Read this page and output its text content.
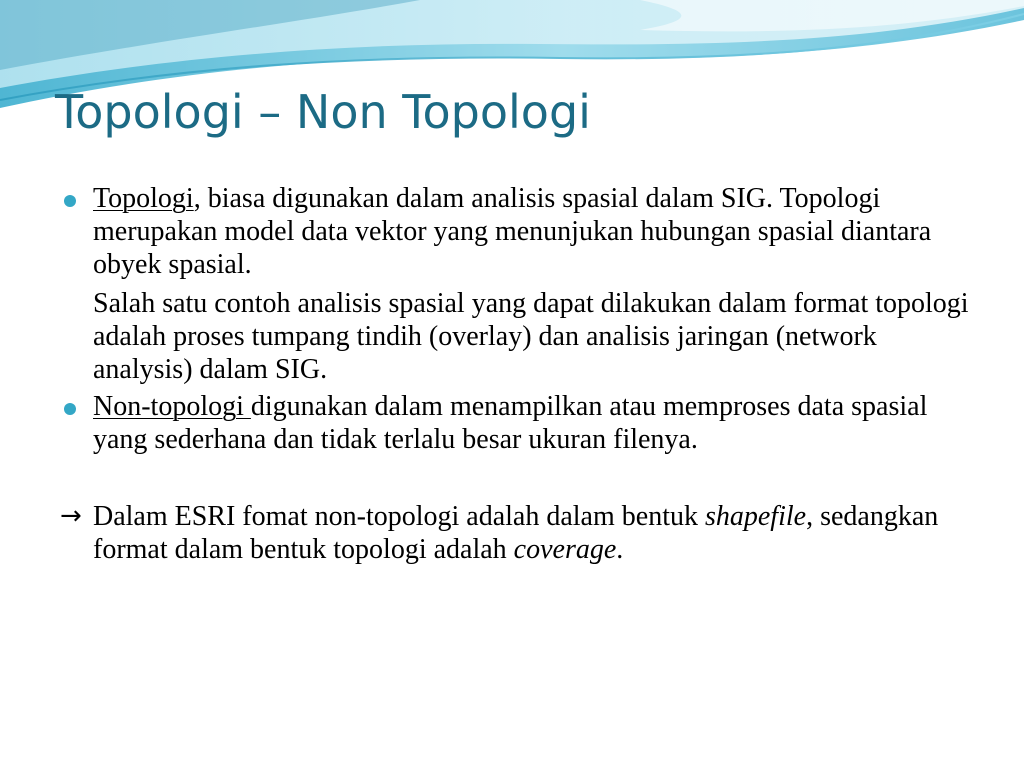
Topologi – Non Topologi

Topologi, biasa digunakan dalam analisis spasial dalam SIG. Topologi merupakan model data vektor yang menunjukan hubungan spasial diantara obyek spasial.

Salah satu contoh analisis spasial yang dapat dilakukan dalam format topologi adalah proses tumpang tindih (overlay) dan analisis jaringan (network analysis) dalam SIG.

Non-topologi digunakan dalam menampilkan atau memproses data spasial yang sederhana dan tidak terlalu besar ukuran filenya.

→ Dalam ESRI fomat non-topologi adalah dalam bentuk shapefile, sedangkan format dalam bentuk topologi adalah coverage.
